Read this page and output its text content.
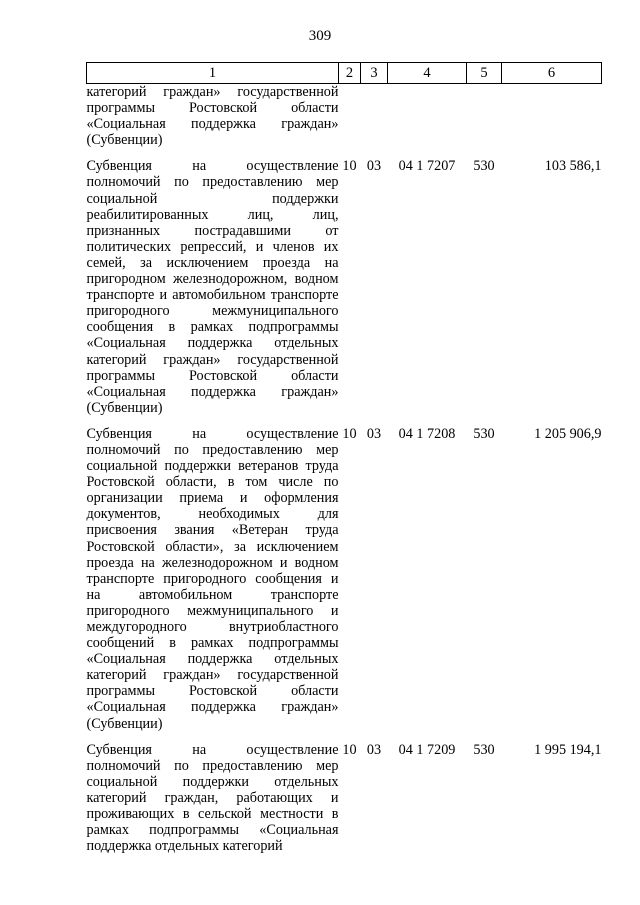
309
1	2	3	4	5	6
категорий граждан» государственной программы Ростовской области «Социальная поддержка граждан» (Субвенции)					

Субвенция на осуществление полномочий по предоставлению мер социальной поддержки реабилитированных лиц, лиц, признанных пострадавшими от политических репрессий, и членов их семей, за исключением проезда на пригородном железнодорожном, водном транспорте и автомобильном транспорте пригородного межмуниципального сообщения в рамках подпрограммы «Социальная поддержка отдельных категорий граждан» государственной программы Ростовской области «Социальная поддержка граждан» (Субвенции)	10	03	04 1 7207	530	103 586,1

Субвенция на осуществление полномочий по предоставлению мер социальной поддержки ветеранов труда Ростовской области, в том числе по организации приема и оформления документов, необходимых для присвоения звания «Ветеран труда Ростовской области», за исключением проезда на железнодорожном и водном транспорте пригородного сообщения и на автомобильном транспорте пригородного межмуниципального и междугородного внутриобластного сообщений в рамках подпрограммы «Социальная поддержка отдельных категорий граждан» государственной программы Ростовской области «Социальная поддержка граждан» (Субвенции)	10	03	04 1 7208	530	1 205 906,9

Субвенция на осуществление полномочий по предоставлению мер социальной поддержки отдельных категорий граждан, работающих и проживающих в сельской местности в рамках подпрограммы «Социальная поддержка отдельных категорий	10	03	04 1 7209	530	1 995 194,1
